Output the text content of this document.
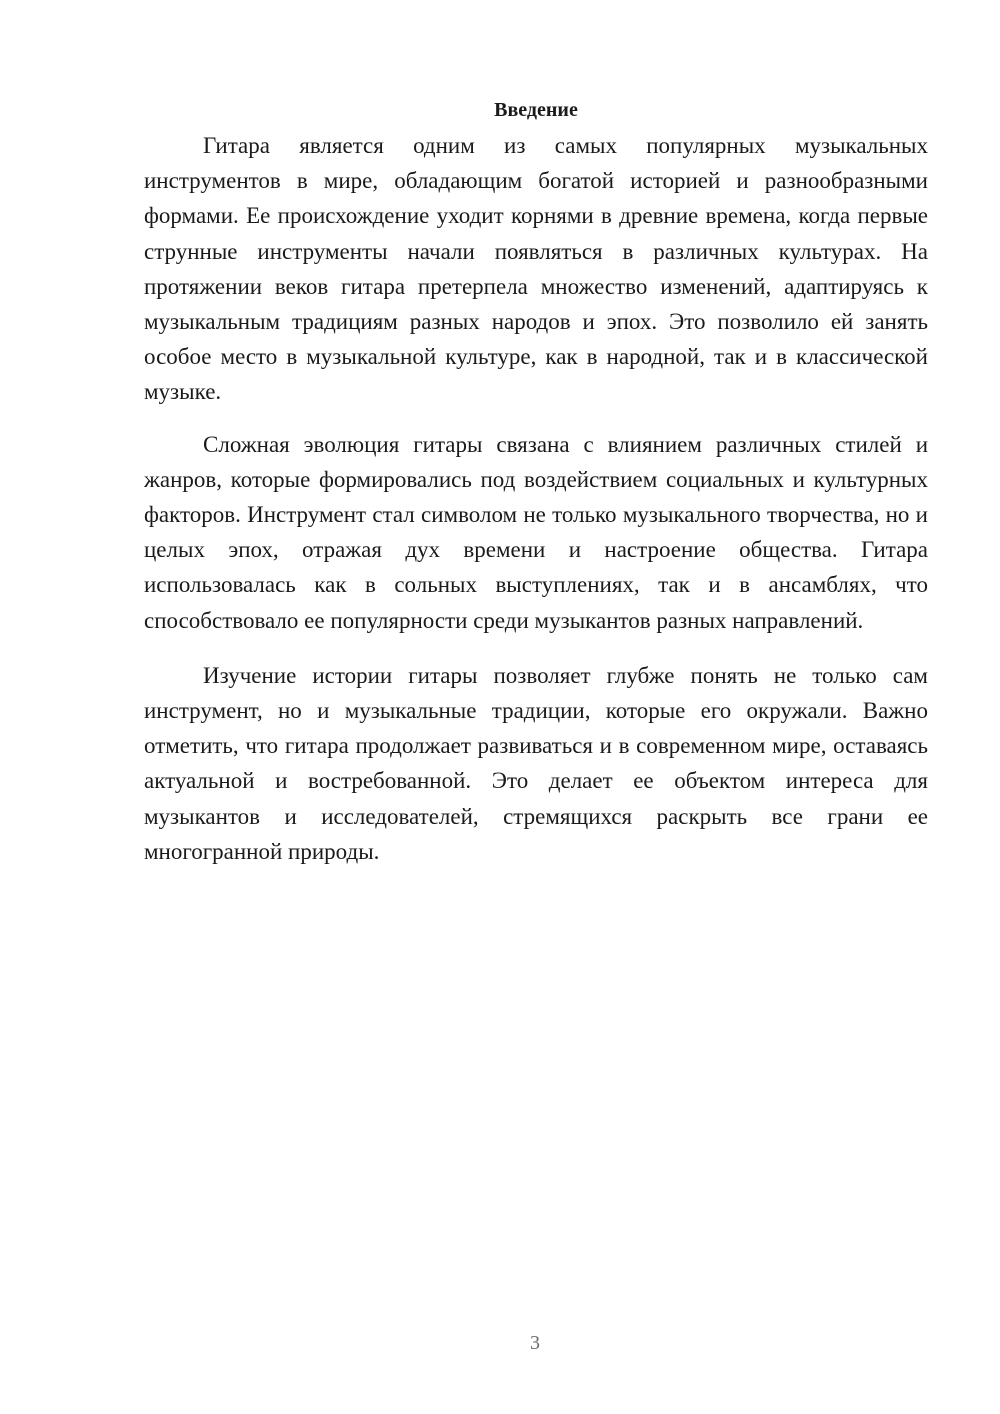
Введение

Гитара является одним из самых популярных музыкальных инструментов в мире, обладающим богатой историей и разнообразными формами. Ее происхождение уходит корнями в древние времена, когда первые струнные инструменты начали появляться в различных культурах. На протяжении веков гитара претерпела множество изменений, адаптируясь к музыкальным традициям разных народов и эпох. Это позволило ей занять особое место в музыкальной культуре, как в народной, так и в классической музыке.

Сложная эволюция гитары связана с влиянием различных стилей и жанров, которые формировались под воздействием социальных и культурных факторов. Инструмент стал символом не только музыкального творчества, но и целых эпох, отражая дух времени и настроение общества. Гитара использовалась как в сольных выступлениях, так и в ансамблях, что способствовало ее популярности среди музыкантов разных направлений.

Изучение истории гитары позволяет глубже понять не только сам инструмент, но и музыкальные традиции, которые его окружали. Важно отметить, что гитара продолжает развиваться и в современном мире, оставаясь актуальной и востребованной. Это делает ее объектом интереса для музыкантов и исследователей, стремящихся раскрыть все грани ее многогранной природы.

3
